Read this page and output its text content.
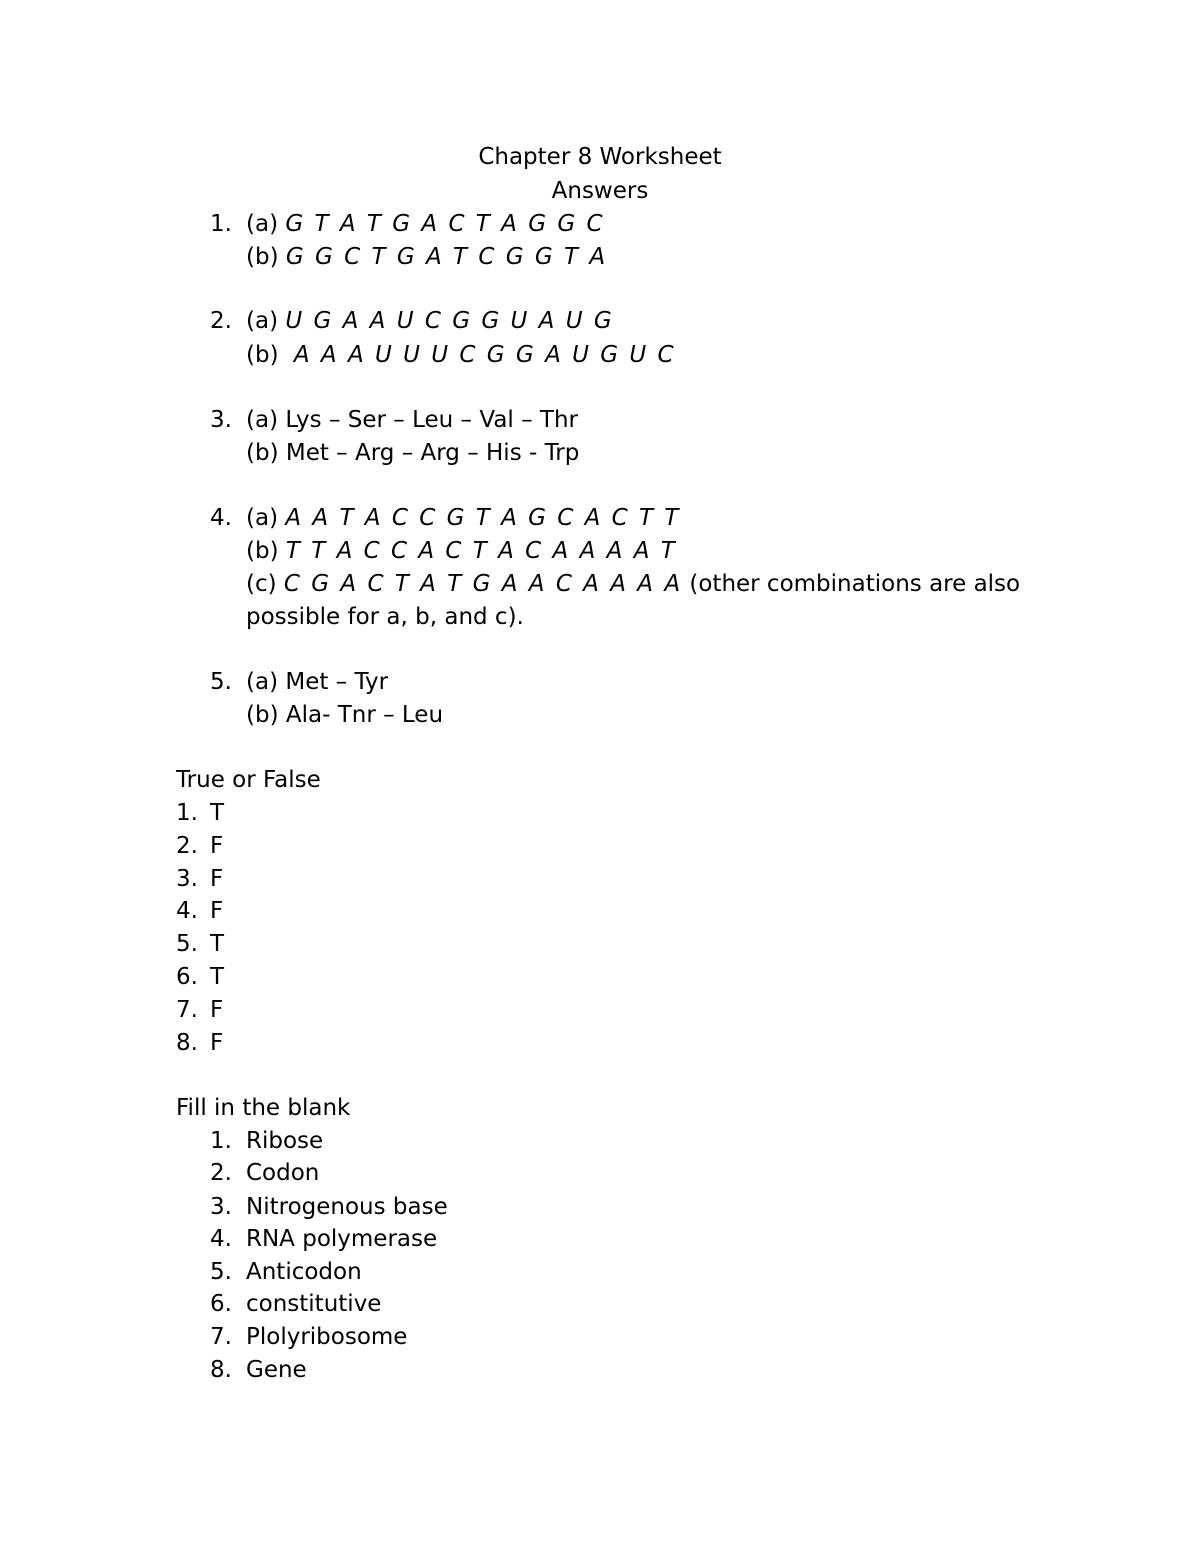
Chapter 8 Worksheet
Answers
1. (a) G T A T G A C T A G G C
(b) G G C T G A T C G G T A
2. (a) U G A A U C G G U A U G
(b) A A A U U U C G G A U G U C
3. (a) Lys – Ser – Leu – Val – Thr
(b) Met – Arg – Arg – His - Trp
4. (a) A A T A C C G T A G C A C T T
(b) T T A C C A C T A C A A A A T
(c) C G A C T A T G A A C A A A A (other combinations are also
possible for a, b, and c).
5. (a) Met – Tyr
(b) Ala- Tnr – Leu
True or False
1. T
2. F
3. F
4. F
5. T
6. T
7. F
8. F
Fill in the blank
1. Ribose
2. Codon
3. Nitrogenous base
4. RNA polymerase
5. Anticodon
6. constitutive
7. Plolyribosome
8. Gene
